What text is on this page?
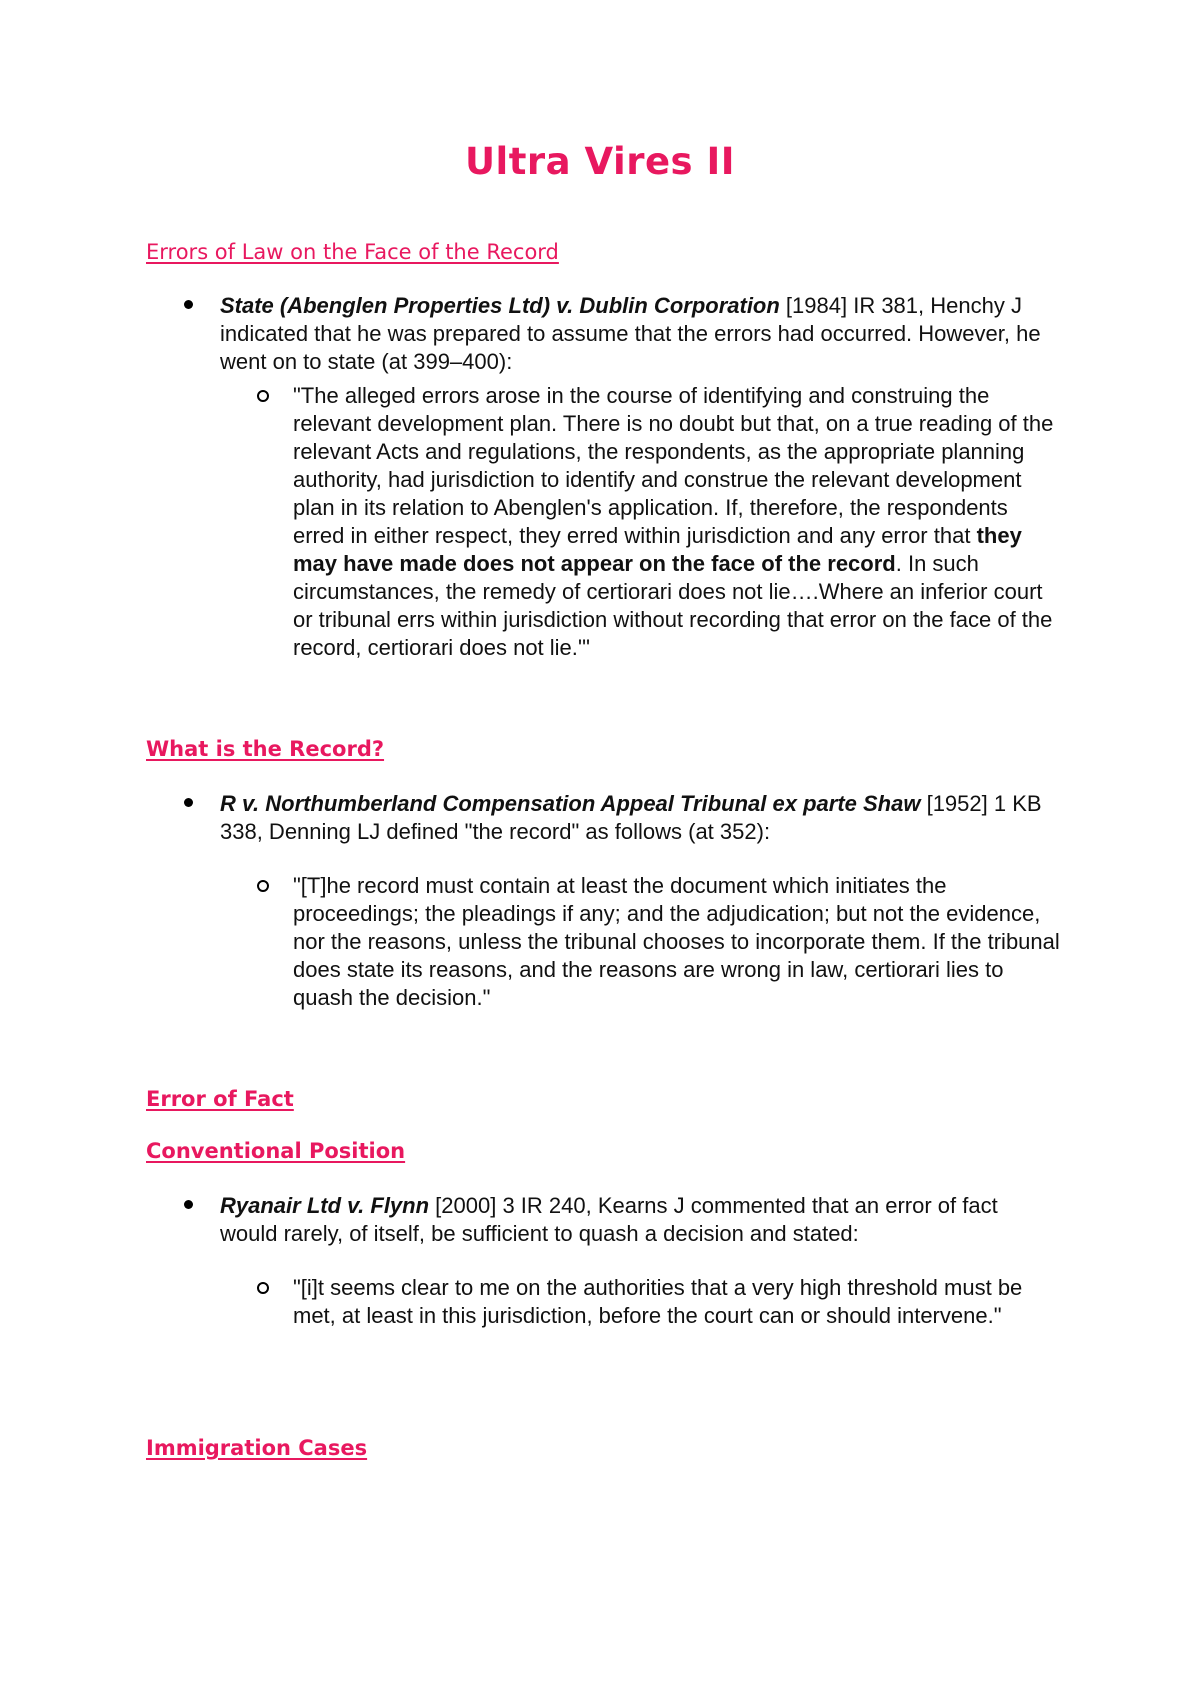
Ultra Vires II
Errors of Law on the Face of the Record
State (Abenglen Properties Ltd) v. Dublin Corporation [1984] IR 381, Henchy J indicated that he was prepared to assume that the errors had occurred. However, he went on to state (at 399–400):
"The alleged errors arose in the course of identifying and construing the relevant development plan. There is no doubt but that, on a true reading of the relevant Acts and regulations, the respondents, as the appropriate planning authority, had jurisdiction to identify and construe the relevant development plan in its relation to Abenglen's application. If, therefore, the respondents erred in either respect, they erred within jurisdiction and any error that they may have made does not appear on the face of the record. In such circumstances, the remedy of certiorari does not lie….Where an inferior court or tribunal errs within jurisdiction without recording that error on the face of the record, certiorari does not lie.'"
What is the Record?
R v. Northumberland Compensation Appeal Tribunal ex parte Shaw [1952] 1 KB 338, Denning LJ defined "the record" as follows (at 352):
"[T]he record must contain at least the document which initiates the proceedings; the pleadings if any; and the adjudication; but not the evidence, nor the reasons, unless the tribunal chooses to incorporate them. If the tribunal does state its reasons, and the reasons are wrong in law, certiorari lies to quash the decision."
Error of Fact
Conventional Position
Ryanair Ltd v. Flynn [2000] 3 IR 240, Kearns J commented that an error of fact would rarely, of itself, be sufficient to quash a decision and stated:
"[i]t seems clear to me on the authorities that a very high threshold must be met, at least in this jurisdiction, before the court can or should intervene."
Immigration Cases
